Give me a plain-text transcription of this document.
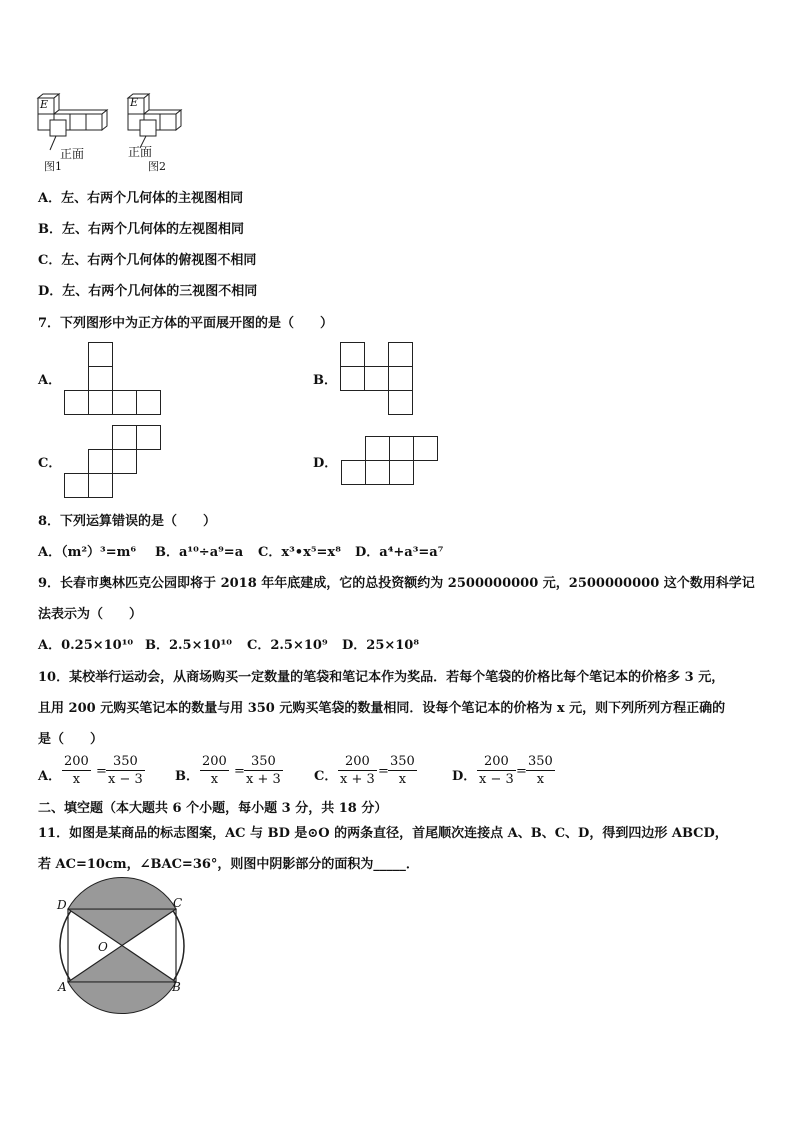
E	E
正面	正面
图1	图2
A．左、右两个几何体的主视图相同
B．左、右两个几何体的左视图相同
C．左、右两个几何体的俯视图不相同
D．左、右两个几何体的三视图不相同
7．下列图形中为正方体的平面展开图的是（　　）
A．	B．
C．	D．
8．下列运算错误的是（　　）
A．（m²）³=m⁶ B．a¹⁰÷a⁹=a C．x³•x⁵=x⁸ D．a⁴+a³=a⁷
9．长春市奥林匹克公园即将于 2018 年年底建成，它的总投资额约为 2500000000 元，2500000000 这个数用科学记
法表示为（　　）
A．0.25×10¹⁰ B．2.5×10¹⁰ C．2.5×10⁹ D．25×10⁸
10．某校举行运动会，从商场购买一定数量的笔袋和笔记本作为奖品．若每个笔袋的价格比每个笔记本的价格多 3 元，
且用 200 元购买笔记本的数量与用 350 元购买笔袋的数量相同．设每个笔记本的价格为 x 元，则下列所列方程正确的
是（　　）
A． $\frac{200}{x} = \frac{350}{x - 3}$ B． $\frac{200}{x} = \frac{350}{x + 3}$ C． $\frac{200}{x + 3} = \frac{350}{x}$	D． $\frac{200}{x - 3} = \frac{350}{x}$
二、填空题（本大题共 6 个小题，每小题 3 分，共 18 分）
11．如图是某商品的标志图案，AC 与 BD 是⊙O 的两条直径，首尾顺次连接点 A、B、C、D，得到四边形 ABCD，
若 AC=10cm，∠BAC=36°，则图中阴影部分的面积为_____．
D	C
O
A	B
